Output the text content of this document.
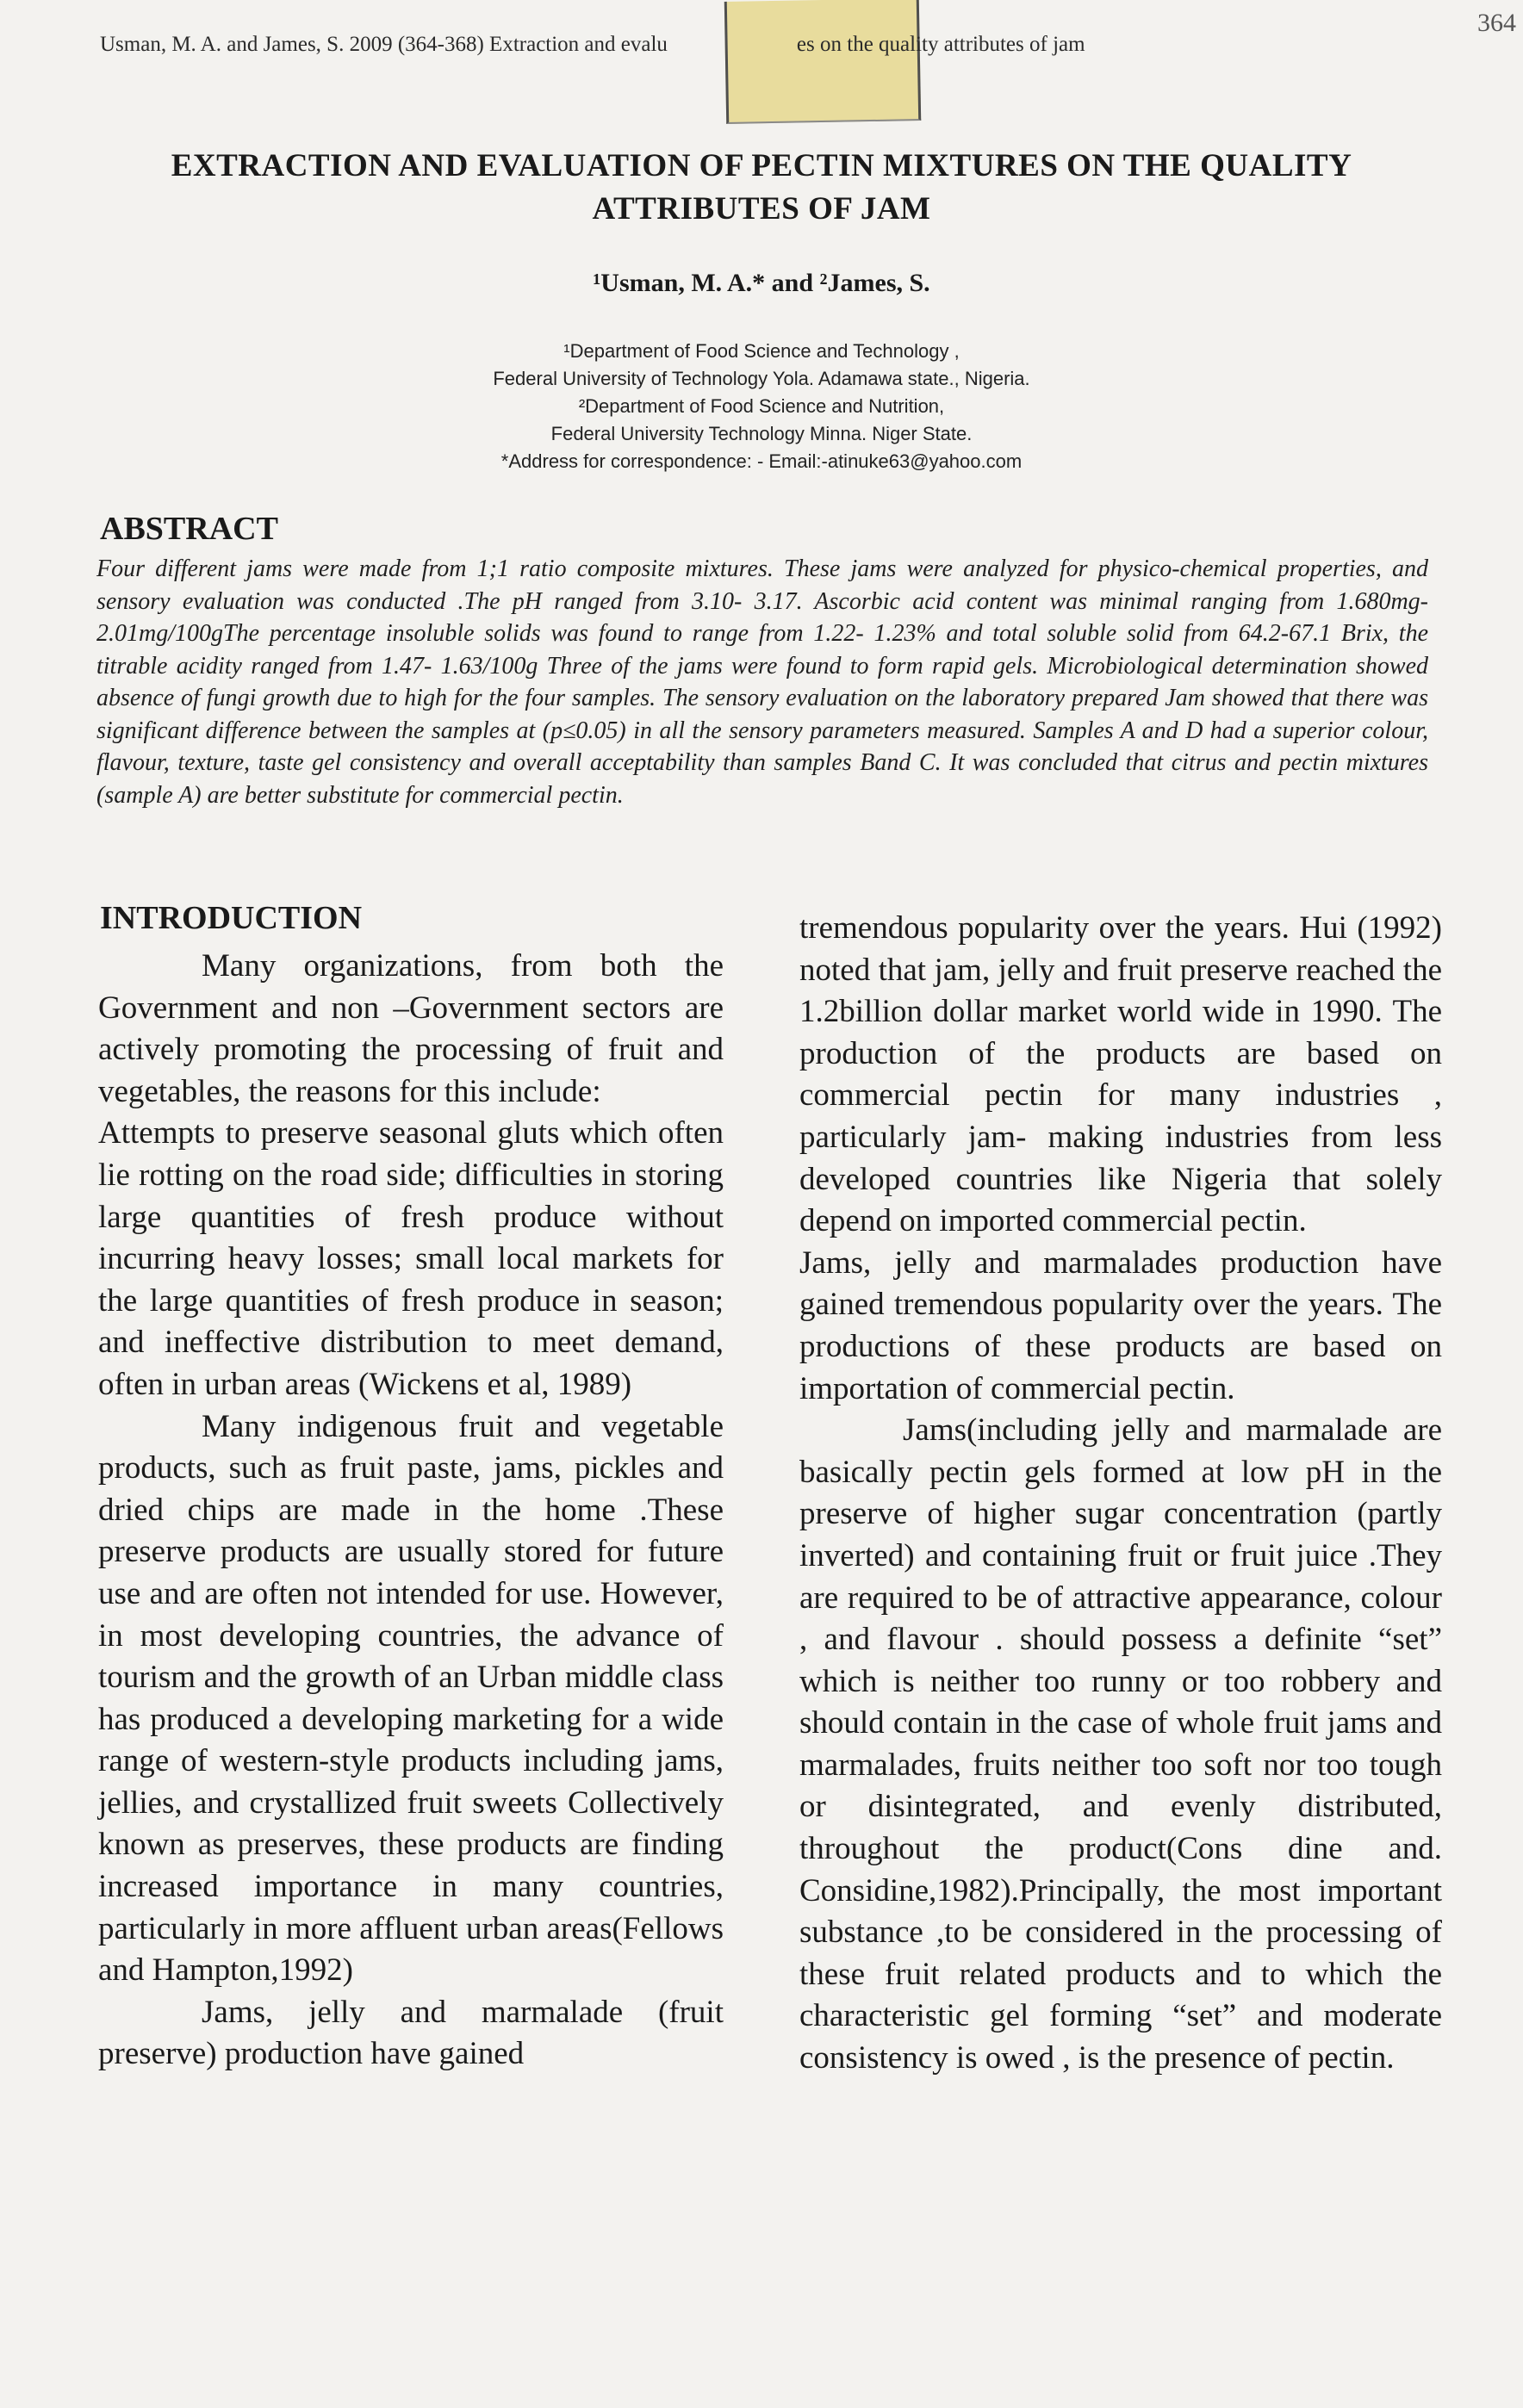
Usman, M. A. and James, S. 2009 (364-368) Extraction and evalu	es on the quality attributes of jam
364
EXTRACTION AND EVALUATION OF PECTIN MIXTURES ON THE QUALITY ATTRIBUTES OF JAM
¹Usman, M. A.* and ²James, S.
¹Department of Food Science and Technology ,
Federal University of Technology Yola. Adamawa state., Nigeria.
²Department of Food Science and Nutrition,
Federal University Technology Minna. Niger State.
*Address for correspondence: - Email:-atinuke63@yahoo.com
ABSTRACT
Four different jams were made from 1;1 ratio composite mixtures. These jams were analyzed for physico-chemical properties, and sensory evaluation was conducted .The pH ranged from 3.10- 3.17. Ascorbic acid content was minimal ranging from 1.680mg-2.01mg/100gThe percentage insoluble solids was found to range from 1.22- 1.23% and total soluble solid from 64.2-67.1 Brix, the titrable acidity ranged from 1.47- 1.63/100g Three of the jams were found to form rapid gels. Microbiological determination showed absence of fungi growth due to high for the four samples. The sensory evaluation on the laboratory prepared Jam showed that there was significant difference between the samples at (p≤0.05) in all the sensory parameters measured. Samples A and D had a superior colour, flavour, texture, taste gel consistency and overall acceptability than samples Band C. It was concluded that citrus and pectin mixtures (sample A) are better substitute for commercial pectin.
INTRODUCTION

Many organizations, from both the Government and non –Government sectors are actively promoting the processing of fruit and vegetables, the reasons for this include:

Attempts to preserve seasonal gluts which often lie rotting on the road side; difficulties in storing large quantities of fresh produce without incurring heavy losses; small local markets for the large quantities of fresh produce in season; and ineffective distribution to meet demand, often in urban areas (Wickens et al, 1989)

Many indigenous fruit and vegetable products, such as fruit paste, jams, pickles and dried chips are made in the home .These preserve products are usually stored for future use and are often not intended for use. However, in most developing countries, the advance of tourism and the growth of an Urban middle class has produced a developing marketing for a wide range of western-style products including jams, jellies, and crystallized fruit sweets Collectively known as preserves, these products are finding increased importance in many countries, particularly in more affluent urban areas(Fellows and Hampton,1992)

Jams, jelly and marmalade (fruit preserve) production have gained

tremendous popularity over the years. Hui (1992) noted that jam, jelly and fruit preserve reached the 1.2billion dollar market world wide in 1990. The production of the products are based on commercial pectin for many industries , particularly jam- making industries from less developed countries like Nigeria that solely depend on imported commercial pectin.

Jams, jelly and marmalades production have gained tremendous popularity over the years. The productions of these products are based on importation of commercial pectin.

Jams(including jelly and marmalade are basically pectin gels formed at low pH in the preserve of higher sugar concentration (partly inverted) and containing fruit or fruit juice .They are required to be of attractive appearance, colour , and flavour . should possess a definite “set” which is neither too runny or too robbery and should contain in the case of whole fruit jams and marmalades, fruits neither too soft nor too tough or disintegrated, and evenly distributed, throughout the product(Cons dine and. Considine,1982).Principally, the most important substance ,to be considered in the processing of these fruit related products and to which the characteristic gel forming “set” and moderate consistency is owed , is the presence of pectin.
